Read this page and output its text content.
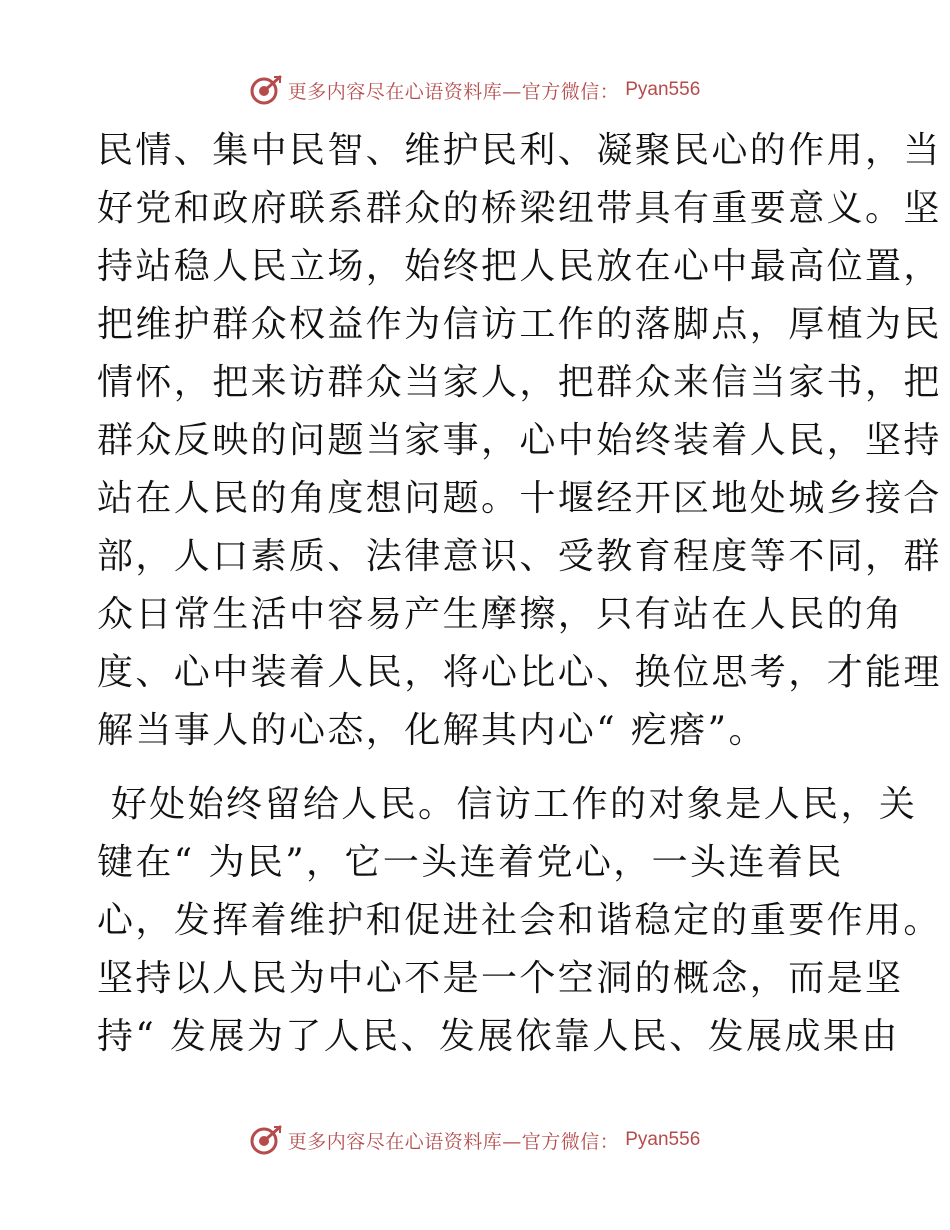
更多内容尽在心语资料库—官方微信： Pyan556
民情、集中民智、维护民利、凝聚民心的作用，当
好党和政府联系群众的桥梁纽带具有重要意义。坚
持站稳人民立场，始终把人民放在心中最高位置，
把维护群众权益作为信访工作的落脚点，厚植为民
情怀，把来访群众当家人，把群众来信当家书，把
群众反映的问题当家事，心中始终装着人民，坚持
站在人民的角度想问题。十堰经开区地处城乡接合
部，人口素质、法律意识、受教育程度等不同，群
众日常生活中容易产生摩擦，只有站在人民的角
度、心中装着人民，将心比心、换位思考，才能理
解当事人的心态，化解其内心“ 疙瘩”。
好处始终留给人民。信访工作的对象是人民，关
键在“ 为民”，它一头连着党心，一头连着民
心，发挥着维护和促进社会和谐稳定的重要作用。
坚持以人民为中心不是一个空洞的概念，而是坚
持“ 发展为了人民、发展依靠人民、发展成果由
更多内容尽在心语资料库—官方微信： Pyan556
